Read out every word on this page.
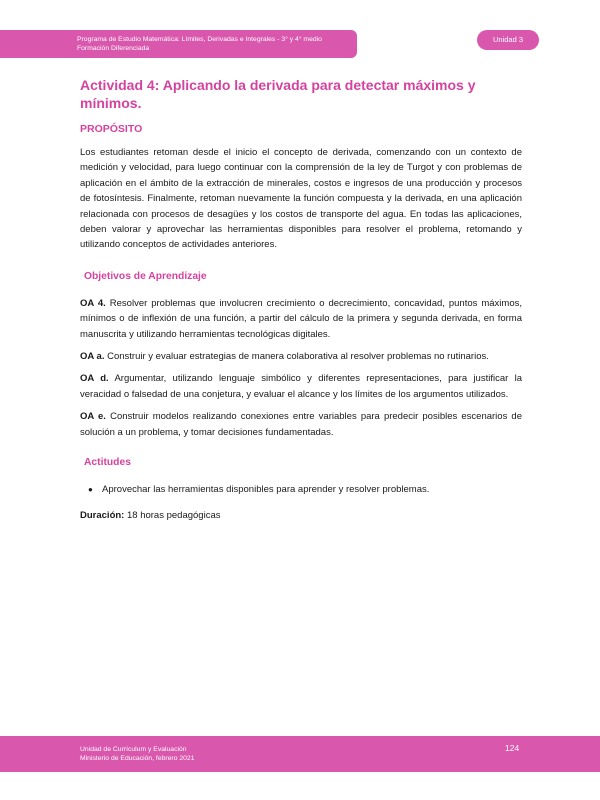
Programa de Estudio Matemática: Límites, Derivadas e Integrales - 3° y 4° medio
Formación Diferenciada
Unidad 3
Actividad 4: Aplicando la derivada para detectar máximos y mínimos.
PROPÓSITO

Los estudiantes retoman desde el inicio el concepto de derivada, comenzando con un contexto de medición y velocidad, para luego continuar con la comprensión de la ley de Turgot y con problemas de aplicación en el ámbito de la extracción de minerales, costos e ingresos de una producción y procesos de fotosíntesis. Finalmente, retoman nuevamente la función compuesta y la derivada, en una aplicación relacionada con procesos de desagües y los costos de transporte del agua. En todas las aplicaciones, deben valorar y aprovechar las herramientas disponibles para resolver el problema, retomando y utilizando conceptos de actividades anteriores.

Objetivos de Aprendizaje

OA 4. Resolver problemas que involucren crecimiento o decrecimiento, concavidad, puntos máximos, mínimos o de inflexión de una función, a partir del cálculo de la primera y segunda derivada, en forma manuscrita y utilizando herramientas tecnológicas digitales.

OA a. Construir y evaluar estrategias de manera colaborativa al resolver problemas no rutinarios.

OA d. Argumentar, utilizando lenguaje simbólico y diferentes representaciones, para justificar la veracidad o falsedad de una conjetura, y evaluar el alcance y los límites de los argumentos utilizados.

OA e. Construir modelos realizando conexiones entre variables para predecir posibles escenarios de solución a un problema, y tomar decisiones fundamentadas.

Actitudes
● Aprovechar las herramientas disponibles para aprender y resolver problemas.
Duración: 18 horas pedagógicas
Unidad de Currículum y Evaluación
Ministerio de Educación, febrero 2021
124
